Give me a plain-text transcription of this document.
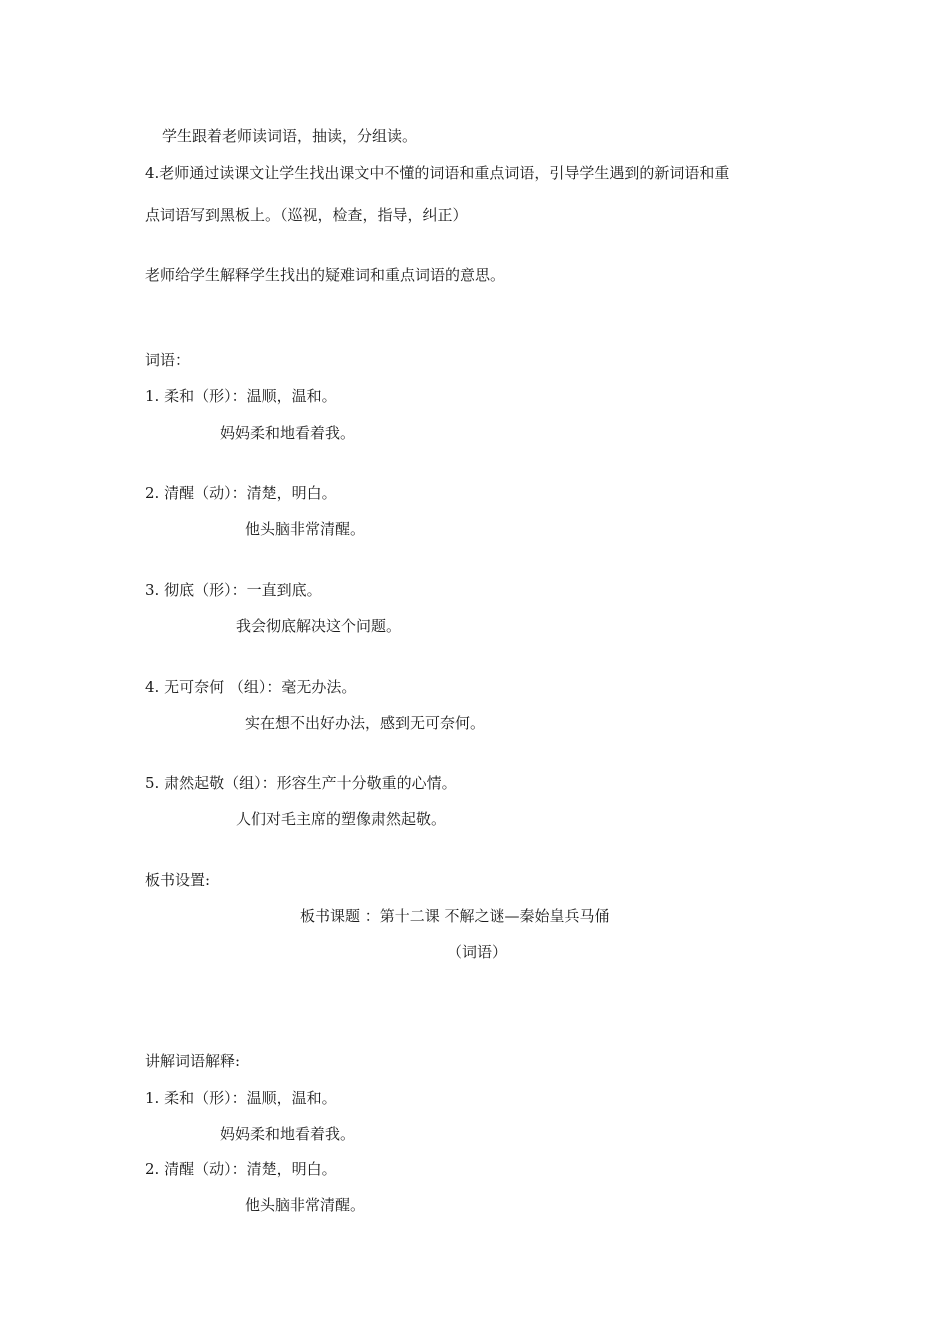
学生跟着老师读词语，抽读，分组读。
4.老师通过读课文让学生找出课文中不懂的词语和重点词语，引导学生遇到的新词语和重
点词语写到黑板上。（巡视，检查，指导，纠正）
老师给学生解释学生找出的疑难词和重点词语的意思。
词语：
1. 柔和（形）：温顺，温和。
妈妈柔和地看着我。
2. 清醒（动）：清楚，明白。
他头脑非常清醒。
3. 彻底（形）：一直到底。
我会彻底解决这个问题。
4. 无可奈何 （组）：毫无办法。
实在想不出好办法，感到无可奈何。
5. 肃然起敬（组）：形容生产十分敬重的心情。
人们对毛主席的塑像肃然起敬。
板书设置:
板书课题 ：第十二课 不解之谜—秦始皇兵马俑
（词语）
讲解词语解释:
1. 柔和（形）：温顺，温和。
妈妈柔和地看着我。
2. 清醒（动）：清楚，明白。
他头脑非常清醒。
